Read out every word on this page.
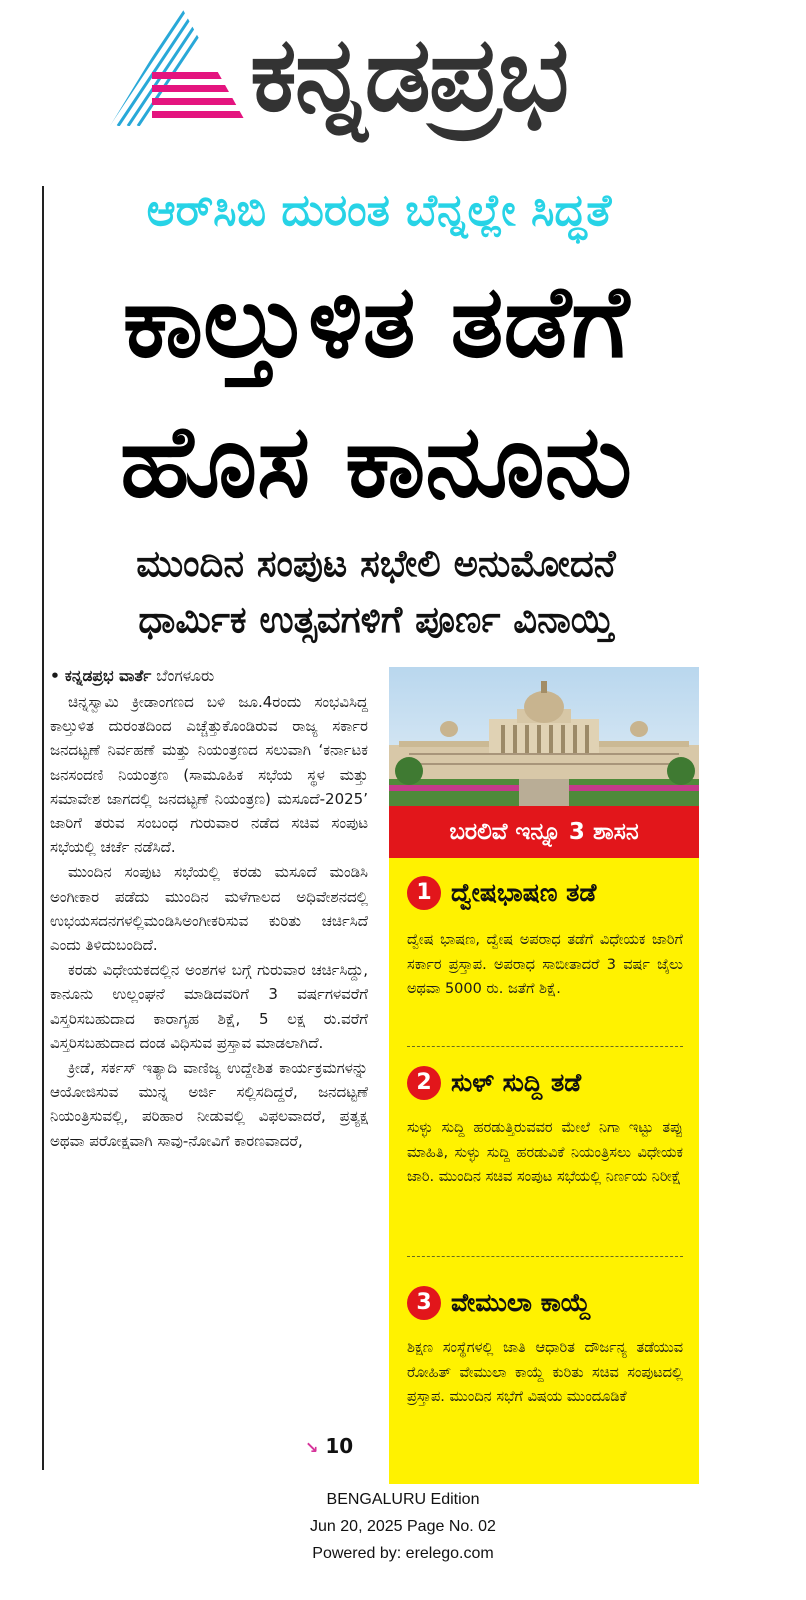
ಕನ್ನಡಪ್ರಭ
ಆರ್‌ಸಿಬಿ ದುರಂತ ಬೆನ್ನಲ್ಲೇ ಸಿದ್ಧತೆ
ಕಾಲ್ತುಳಿತ ತಡೆಗೆ
ಹೊಸ ಕಾನೂನು
ಮುಂದಿನ ಸಂಪುಟ ಸಭೇಲಿ ಅನುಮೋದನೆ
ಧಾರ್ಮಿಕ ಉತ್ಸವಗಳಿಗೆ ಪೂರ್ಣ ವಿನಾಯ್ತಿ
• ಕನ್ನಡಪ್ರಭ ವಾರ್ತೆ ಬೆಂಗಳೂರು

ಚಿನ್ನಸ್ವಾಮಿ ಕ್ರೀಡಾಂಗಣದ ಬಳಿ ಜೂ.4ರಂದು ಸಂಭವಿಸಿದ್ದ ಕಾಲ್ತುಳಿತ ದುರಂತದಿಂದ ಎಚ್ಚೆತ್ತುಕೊಂಡಿರುವ ರಾಜ್ಯ ಸರ್ಕಾರ ಜನದಟ್ಟಣೆ ನಿರ್ವಹಣೆ ಮತ್ತು ನಿಯಂತ್ರಣದ ಸಲುವಾಗಿ ‘ಕರ್ನಾಟಕ ಜನಸಂದಣಿ ನಿಯಂತ್ರಣ (ಸಾಮೂಹಿಕ ಸಭೆಯ ಸ್ಥಳ ಮತ್ತು ಸಮಾವೇಶ ಜಾಗದಲ್ಲಿ ಜನದಟ್ಟಣೆ ನಿಯಂತ್ರಣ) ಮಸೂದೆ-2025’ ಜಾರಿಗೆ ತರುವ ಸಂಬಂಧ ಗುರುವಾರ ನಡೆದ ಸಚಿವ ಸಂಪುಟ ಸಭೆಯಲ್ಲಿ ಚರ್ಚೆ ನಡೆಸಿದೆ.

ಮುಂದಿನ ಸಂಪುಟ ಸಭೆಯಲ್ಲಿ ಕರಡು ಮಸೂದೆ ಮಂಡಿಸಿ ಅಂಗೀಕಾರ ಪಡೆದು ಮುಂದಿನ ಮಳೆಗಾಲದ ಅಧಿವೇಶನದಲ್ಲಿ ಉಭಯಸದನಗಳಲ್ಲಿಮಂಡಿಸಿಅಂಗೀಕರಿಸುವ ಕುರಿತು ಚರ್ಚಿಸಿದೆ ಎಂದು ತಿಳಿದುಬಂದಿದೆ.

ಕರಡು ವಿಧೇಯಕದಲ್ಲಿನ ಅಂಶಗಳ ಬಗ್ಗೆ ಗುರುವಾರ ಚರ್ಚಿಸಿದ್ದು, ಕಾನೂನು ಉಲ್ಲಂಘನೆ ಮಾಡಿದವರಿಗೆ 3 ವರ್ಷಗಳವರೆಗೆ ವಿಸ್ತರಿಸಬಹುದಾದ ಕಾರಾಗೃಹ ಶಿಕ್ಷೆ, 5 ಲಕ್ಷ ರು.ವರೆಗೆ ವಿಸ್ತರಿಸಬಹುದಾದ ದಂಡ ವಿಧಿಸುವ ಪ್ರಸ್ತಾವ ಮಾಡಲಾಗಿದೆ.

ಕ್ರೀಡೆ, ಸರ್ಕಸ್ ಇತ್ಯಾದಿ ವಾಣಿಜ್ಯ ಉದ್ದೇಶಿತ ಕಾರ್ಯಕ್ರಮಗಳನ್ನು ಆಯೋಜಿಸುವ ಮುನ್ನ ಅರ್ಜಿ ಸಲ್ಲಿಸದಿದ್ದರೆ, ಜನದಟ್ಟಣೆ ನಿಯಂತ್ರಿಸುವಲ್ಲಿ, ಪರಿಹಾರ ನೀಡುವಲ್ಲಿ ವಿಫಲವಾದರೆ, ಪ್ರತ್ಯಕ್ಷ ಅಥವಾ ಪರೋಕ್ಷವಾಗಿ ಸಾವು-ನೋವಿಗೆ ಕಾರಣವಾದರೆ,

↘ 10
ಬರಲಿವೆ ಇನ್ನೂ 3 ಶಾಸನ
1 ದ್ವೇಷಭಾಷಣ ತಡೆ
ದ್ವೇಷ ಭಾಷಣ, ದ್ವೇಷ ಅಪರಾಧ ತಡೆಗೆ ವಿಧೇಯಕ ಜಾರಿಗೆ ಸರ್ಕಾರ ಪ್ರಸ್ತಾಪ. ಅಪರಾಧ ಸಾಬೀತಾದರೆ 3 ವರ್ಷ ಜೈಲು ಅಥವಾ 5000 ರು. ಜತೆಗೆ ಶಿಕ್ಷೆ.
2 ಸುಳ್ ಸುದ್ದಿ ತಡೆ
ಸುಳ್ಳು ಸುದ್ದಿ ಹರಡುತ್ತಿರುವವರ ಮೇಲೆ ನಿಗಾ ಇಟ್ಟು ತಪ್ಪು ಮಾಹಿತಿ, ಸುಳ್ಳು ಸುದ್ದಿ ಹರಡುವಿಕೆ ನಿಯಂತ್ರಿಸಲು ವಿಧೇಯಕ ಜಾರಿ. ಮುಂದಿನ ಸಚಿವ ಸಂಪುಟ ಸಭೆಯಲ್ಲಿ ನಿರ್ಣಯ ನಿರೀಕ್ಷೆ
3 ವೇಮುಲಾ ಕಾಯ್ದೆ
ಶಿಕ್ಷಣ ಸಂಸ್ಥೆಗಳಲ್ಲಿ ಜಾತಿ ಆಧಾರಿತ ದೌರ್ಜನ್ಯ ತಡೆಯುವ ರೋಹಿತ್ ವೇಮುಲಾ ಕಾಯ್ದೆ ಕುರಿತು ಸಚಿವ ಸಂಪುಟದಲ್ಲಿ ಪ್ರಸ್ತಾಪ. ಮುಂದಿನ ಸಭೆಗೆ ವಿಷಯ ಮುಂದೂಡಿಕೆ
BENGALURU Edition
Jun 20, 2025 Page No. 02
Powered by: erelego.com
